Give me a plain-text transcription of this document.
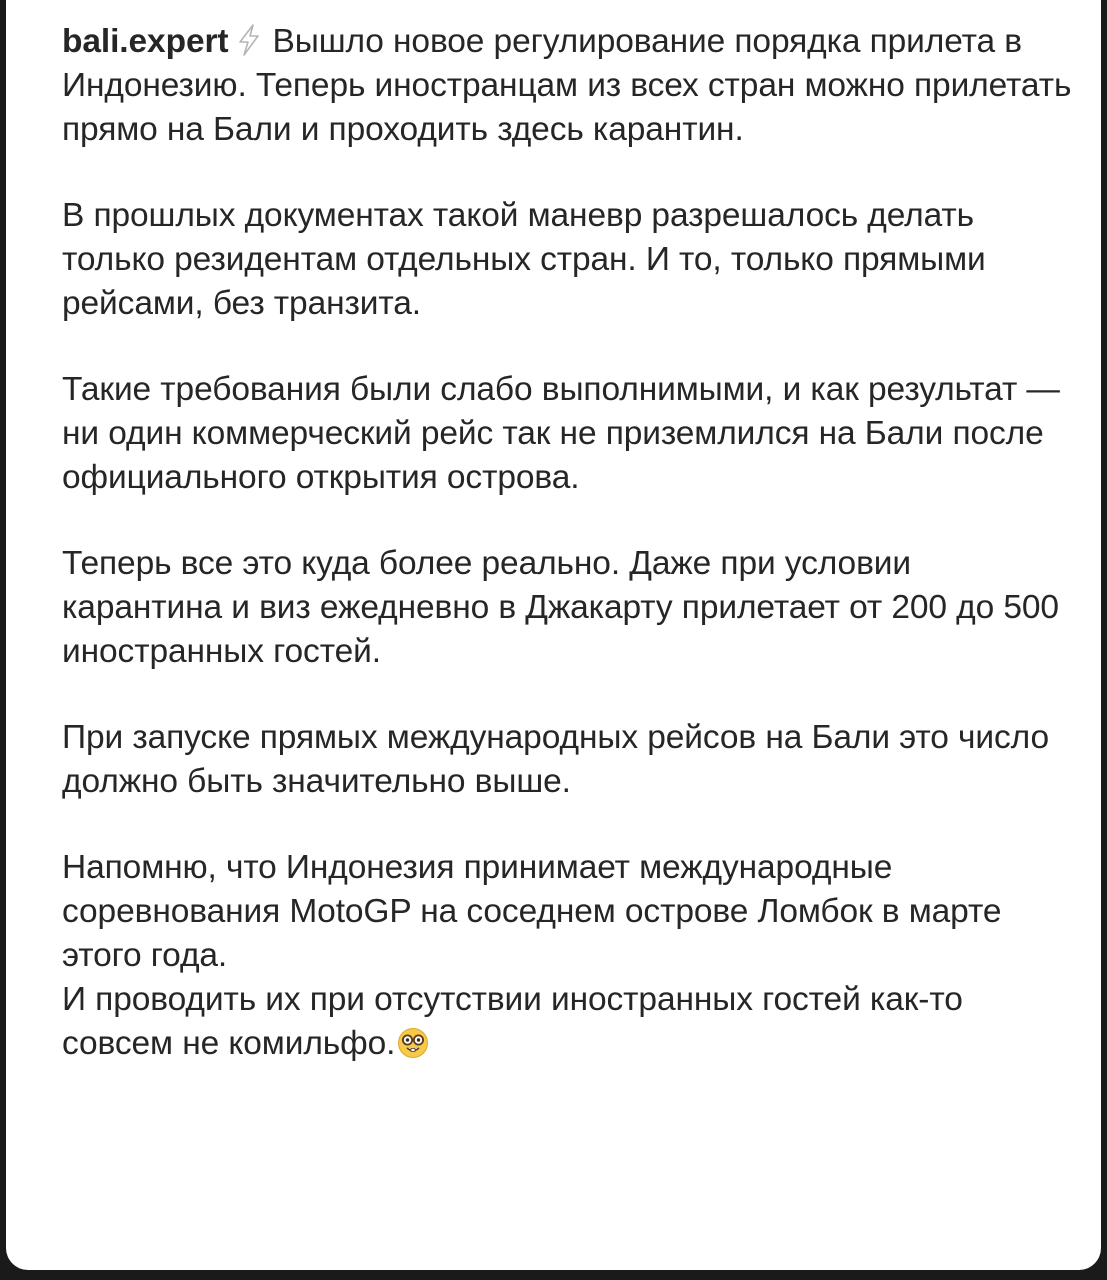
bali.expert Вышло новое регулирование порядка прилета в Индонезию. Теперь иностранцам из всех стран можно прилетать прямо на Бали и проходить здесь карантин.

В прошлых документах такой маневр разрешалось делать только резидентам отдельных стран. И то, только прямыми рейсами, без транзита.

Такие требования были слабо выполнимыми, и как результат — ни один коммерческий рейс так не приземлился на Бали после официального открытия острова.

Теперь все это куда более реально. Даже при условии карантина и виз ежедневно в Джакарту прилетает от 200 до 500 иностранных гостей.

При запуске прямых международных рейсов на Бали это число должно быть значительно выше.

Напомню, что Индонезия принимает международные соревнования MotoGP на соседнем острове Ломбок в марте этого года.

И проводить их при отсутствии иностранных гостей как-то совсем не комильфо.
